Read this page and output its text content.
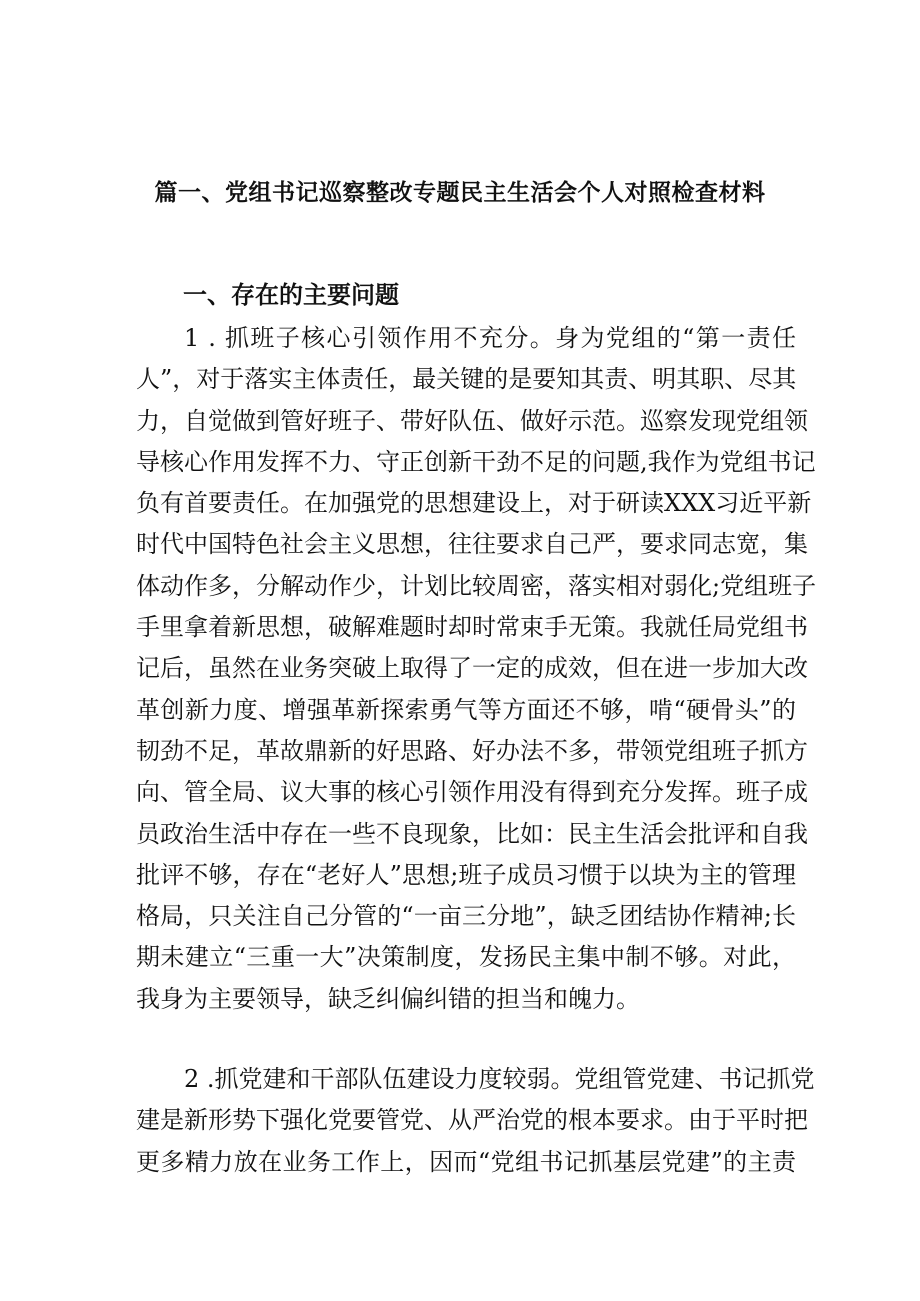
篇一、党组书记巡察整改专题民主生活会个人对照检查材料
一、存在的主要问题
1 . 抓班子核心引领作用不充分。身为党组的“第一责任
人”，对于落实主体责任，最关键的是要知其责、明其职、尽其
力，自觉做到管好班子、带好队伍、做好示范。巡察发现党组领
导核心作用发挥不力、守正创新干劲不足的问题,我作为党组书记
负有首要责任。在加强党的思想建设上，对于研读XXX习近平新
时代中国特色社会主义思想，往往要求自己严，要求同志宽，集
体动作多，分解动作少，计划比较周密，落实相对弱化;党组班子
手里拿着新思想，破解难题时却时常束手无策。我就任局党组书
记后，虽然在业务突破上取得了一定的成效，但在进一步加大改
革创新力度、增强革新探索勇气等方面还不够，啃“硬骨头”的
韧劲不足，革故鼎新的好思路、好办法不多，带领党组班子抓方
向、管全局、议大事的核心引领作用没有得到充分发挥。班子成
员政治生活中存在一些不良现象，比如：民主生活会批评和自我
批评不够，存在“老好人”思想;班子成员习惯于以块为主的管理
格局，只关注自己分管的“一亩三分地”，缺乏团结协作精神;长
期未建立“三重一大”决策制度，发扬民主集中制不够。对此，
我身为主要领导，缺乏纠偏纠错的担当和魄力。
2 .抓党建和干部队伍建设力度较弱。党组管党建、书记抓党
建是新形势下强化党要管党、从严治党的根本要求。由于平时把
更多精力放在业务工作上，因而“党组书记抓基层党建”的主责
